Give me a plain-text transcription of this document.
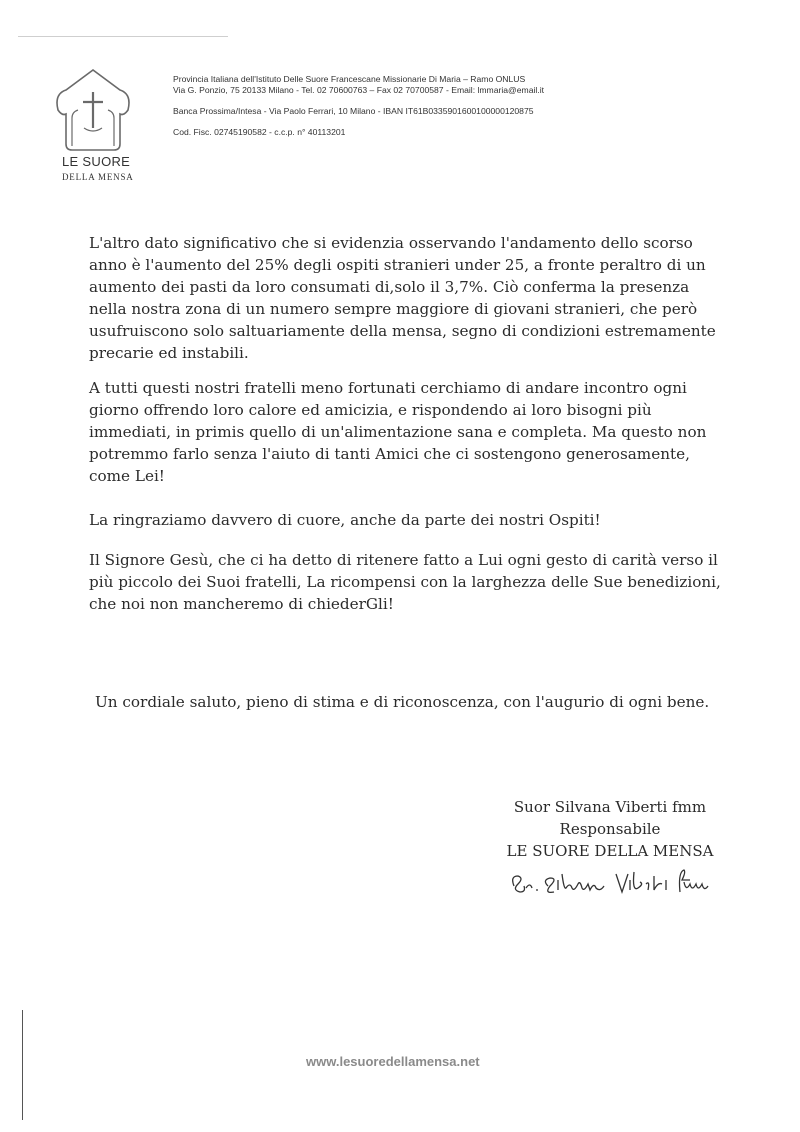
LE SUORE
DELLA MENSA
Provincia Italiana dell'Istituto Delle Suore Francescane Missionarie Di Maria – Ramo ONLUS
Via G. Ponzio, 75 20133 Milano - Tel. 02 70600763 – Fax 02 70700587 - Email: lmmaria@email.it
Banca Prossima/Intesa - Via Paolo Ferrari, 10 Milano - IBAN IT61B0335901600100000120875
Cod. Fisc. 02745190582 - c.c.p. n° 40113201

L'altro dato significativo che si evidenzia osservando l'andamento dello scorso anno è l'aumento del 25% degli ospiti stranieri under 25, a fronte peraltro di un aumento dei pasti da loro consumati di,solo il 3,7%. Ciò conferma la presenza nella nostra zona di un numero sempre maggiore di giovani stranieri, che però usufruiscono solo saltuariamente della mensa, segno di condizioni estremamente precarie ed instabili.

A tutti questi nostri fratelli meno fortunati cerchiamo di andare incontro ogni giorno offrendo loro calore ed amicizia, e rispondendo ai loro bisogni più immediati, in primis quello di un'alimentazione sana e completa. Ma questo non potremmo farlo senza l'aiuto di tanti Amici che ci sostengono generosamente, come Lei!

La ringraziamo davvero di cuore, anche da parte dei nostri Ospiti!

Il Signore Gesù, che ci ha detto di ritenere fatto a Lui ogni gesto di carità verso il più piccolo dei Suoi fratelli, La ricompensi con la larghezza delle Sue benedizioni, che noi non mancheremo di chiederGli!

Un cordiale saluto, pieno di stima e di riconoscenza, con l'augurio di ogni bene.
Suor Silvana Viberti fmm
Responsabile
LE SUORE DELLA MENSA
www.lesuoredellamensa.net
